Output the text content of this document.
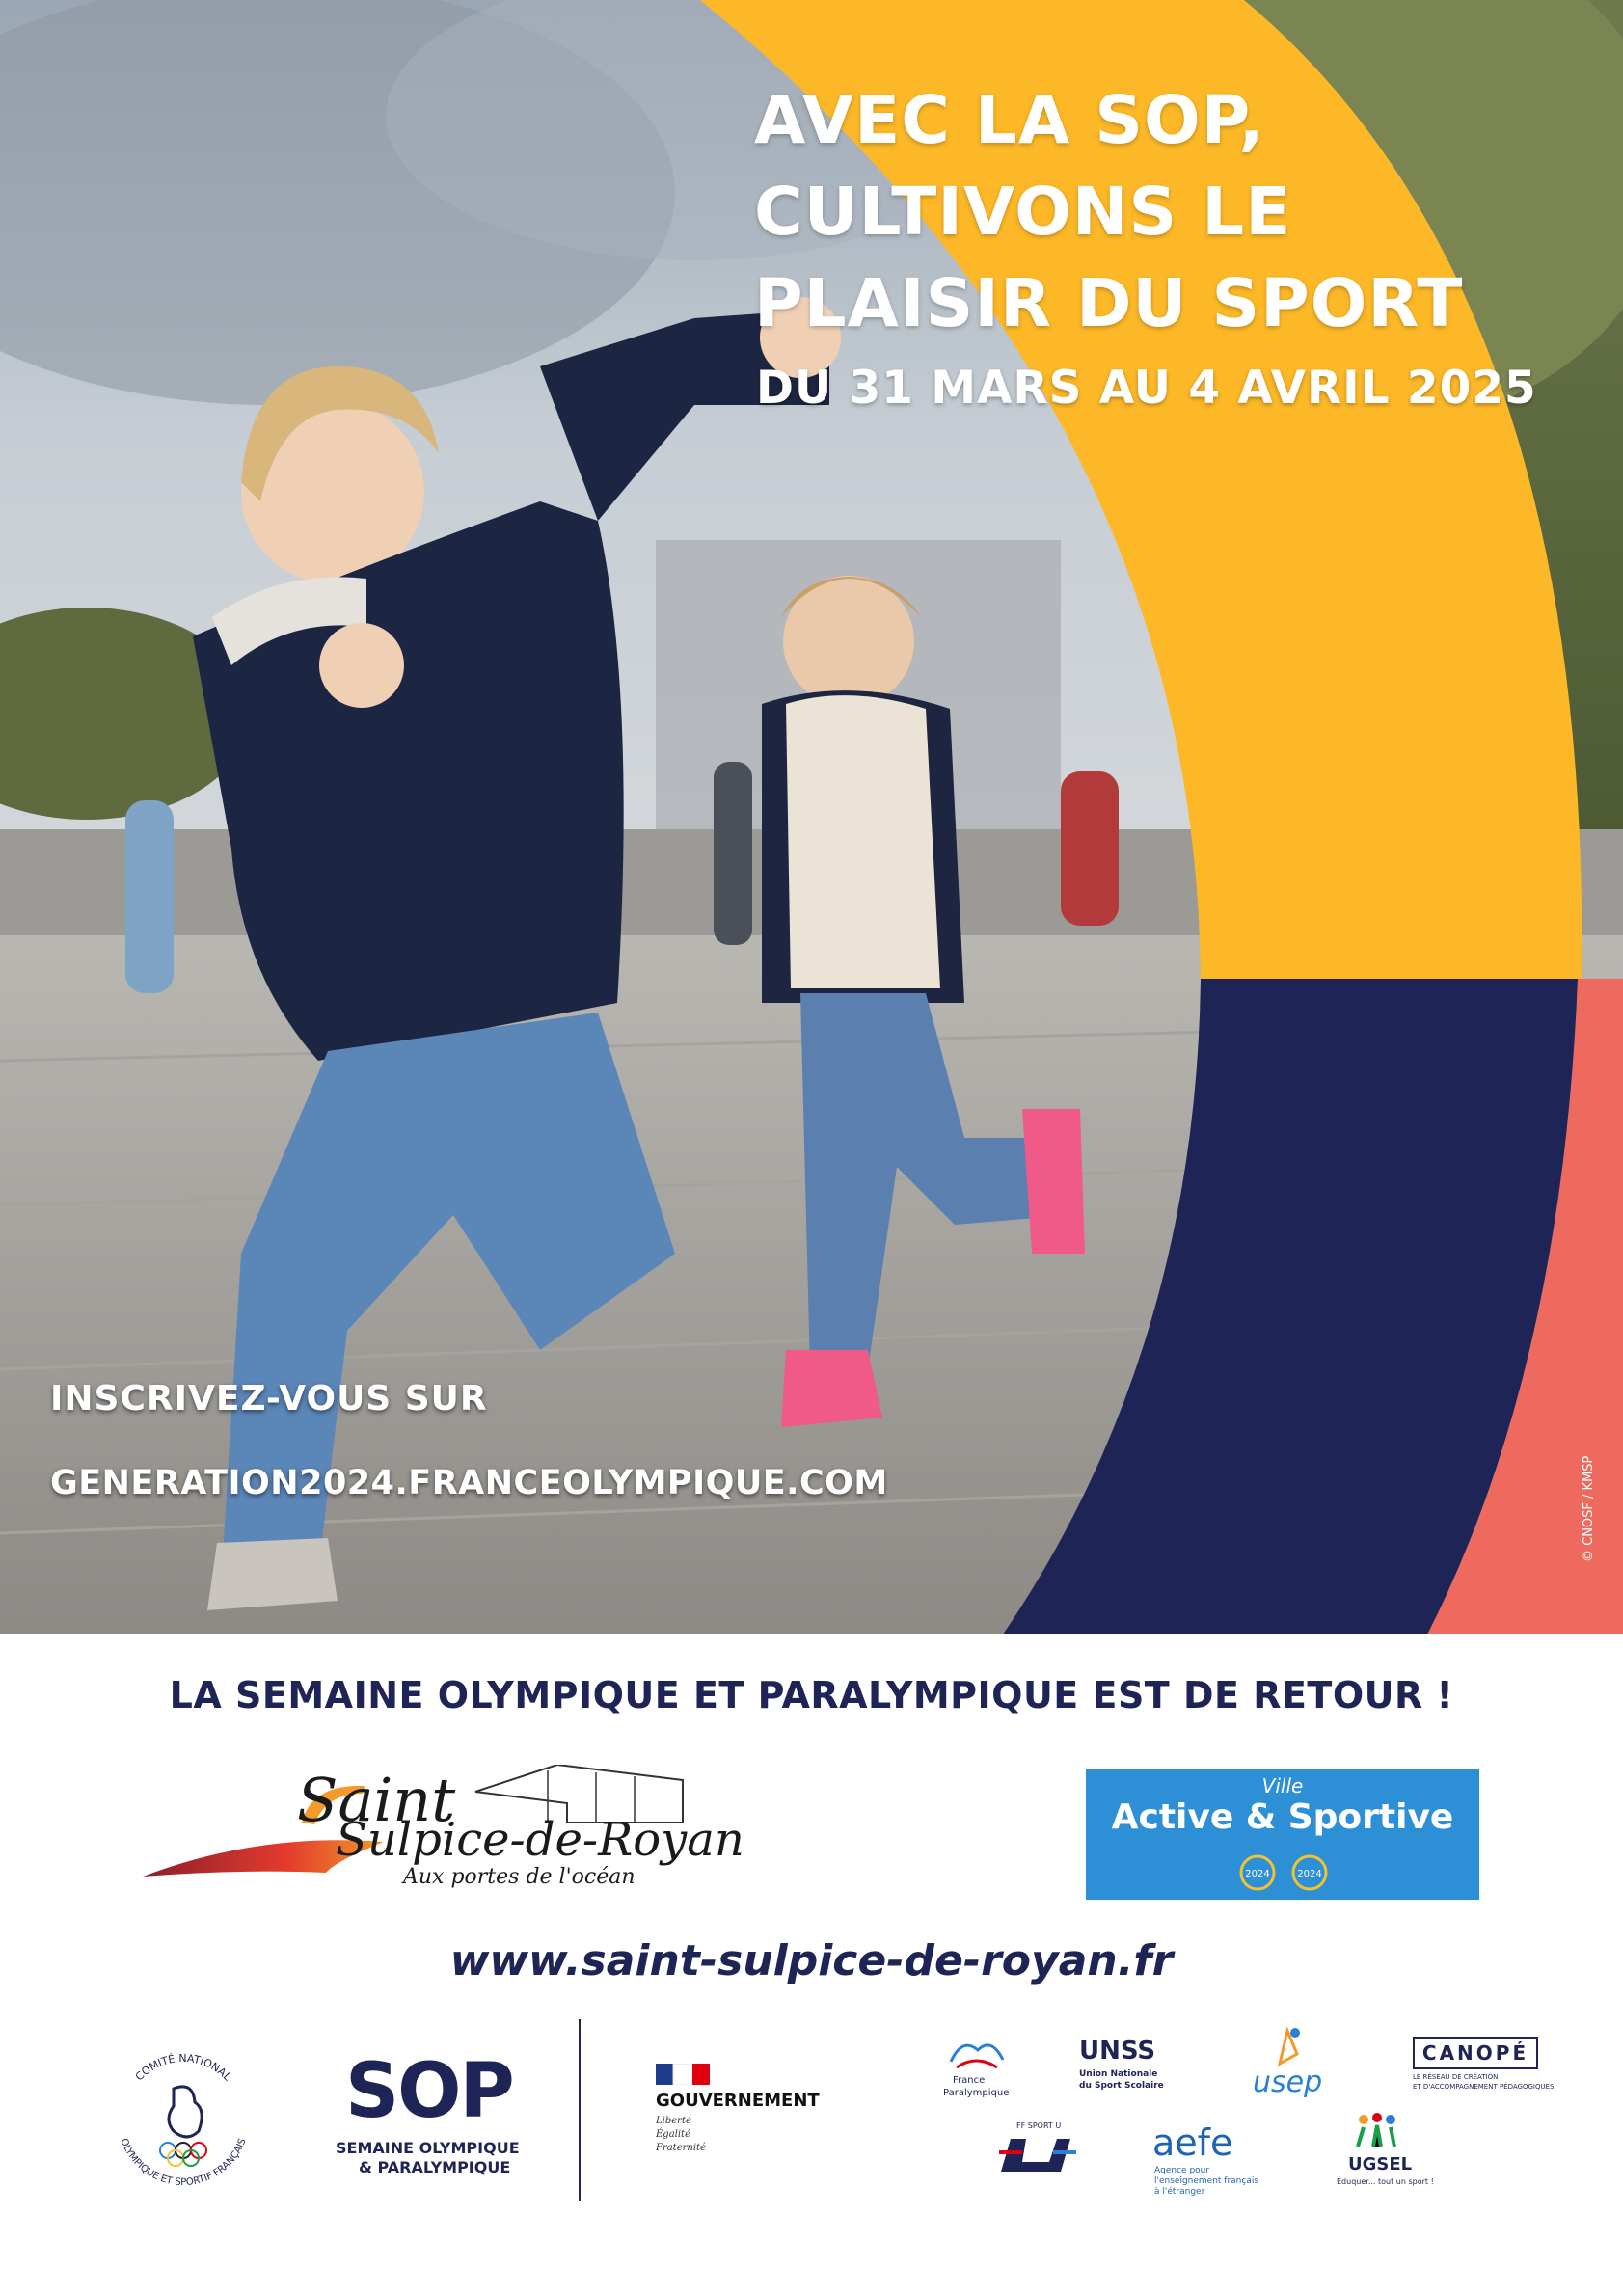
AVEC LA SOP,
CULTIVONS LE
PLAISIR DU SPORT
DU 31 MARS AU 4 AVRIL 2025
INSCRIVEZ-VOUS SUR
GENERATION2024.FRANCEOLYMPIQUE.COM	© CNOSF / KMSP
LA SEMAINE OLYMPIQUE ET PARALYMPIQUE EST DE RETOUR !
Saint
Sulpice-de-Royan
Aux portes de l'océan
Ville
Active & Sportive
2024	2024
www.saint-sulpice-de-royan.fr
COMITÉ NATIONAL
OLYMPIQUE ET SPORTIF FRANÇAIS
SOP
SEMAINE OLYMPIQUE
& PARALYMPIQUE
GOUVERNEMENT
Liberté
Égalité
Fraternité
France
Paralympique
UNSS
Union Nationale
du Sport Scolaire	usep
CANOPÉ
LE RÉSEAU DE CRÉATION
ET D'ACCOMPAGNEMENT PÉDAGOGIQUES
FF SPORT U aefe
Agence pour
l'enseignement français
à l'étranger
UGSEL
Éduquer... tout un sport !
